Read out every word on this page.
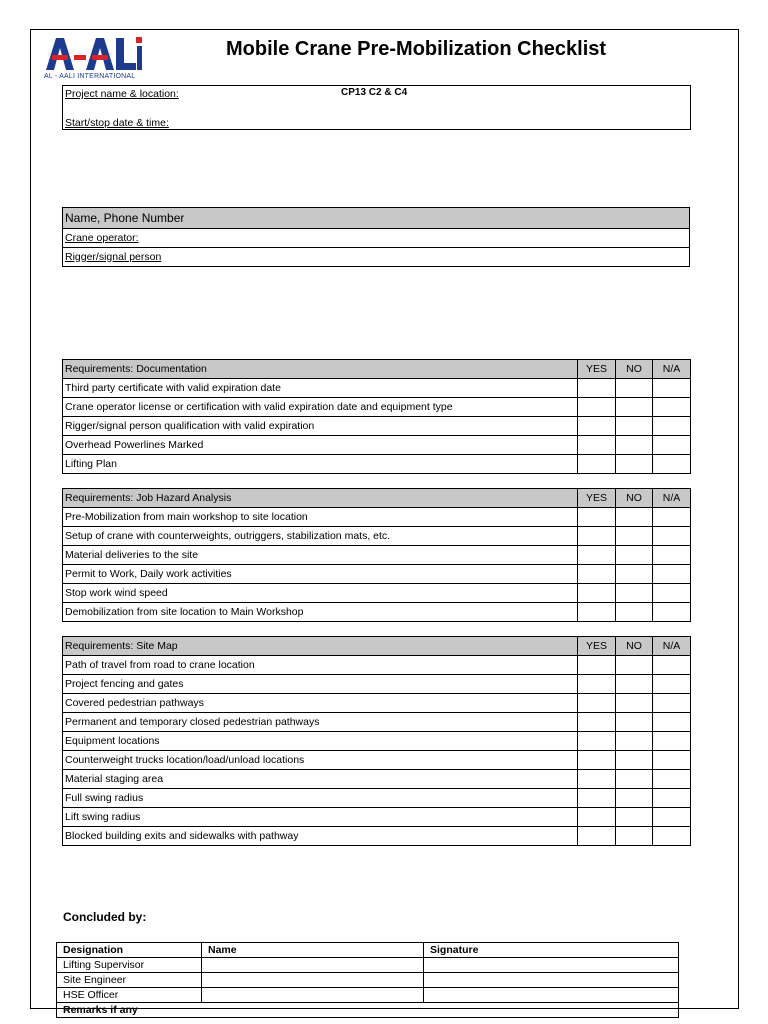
AL - AALI INTERNATIONAL
Mobile Crane Pre-Mobilization Checklist
Project name & location:	CP13 C2 & C4
Start/stop date & time:
Name, Phone Number
Crane operator:
Rigger/signal person
Requirements: Documentation	YES	NO	N/A
Third party certificate with valid expiration date			
Crane operator license or certification with valid expiration date and equipment type			
Rigger/signal person qualification with valid expiration			
Overhead Powerlines Marked			
Lifting Plan			
Requirements: Job Hazard Analysis	YES	NO	N/A
Pre-Mobilization from main workshop to site location			
Setup of crane with counterweights, outriggers, stabilization mats, etc.			
Material deliveries to the site			
Permit to Work, Daily work activities			
Stop work wind speed			
Demobilization from site location to Main Workshop			
Requirements: Site Map	YES	NO	N/A
Path of travel from road to crane location			
Project fencing and gates			
Covered pedestrian pathways			
Permanent and temporary closed pedestrian pathways			
Equipment locations			
Counterweight trucks location/load/unload locations			
Material staging area			
Full swing radius			
Lift swing radius			
Blocked building exits and sidewalks with pathway			
Concluded by:
Designation	Name	Signature
Lifting Supervisor		
Site Engineer		
HSE Officer		
Remarks if any		
